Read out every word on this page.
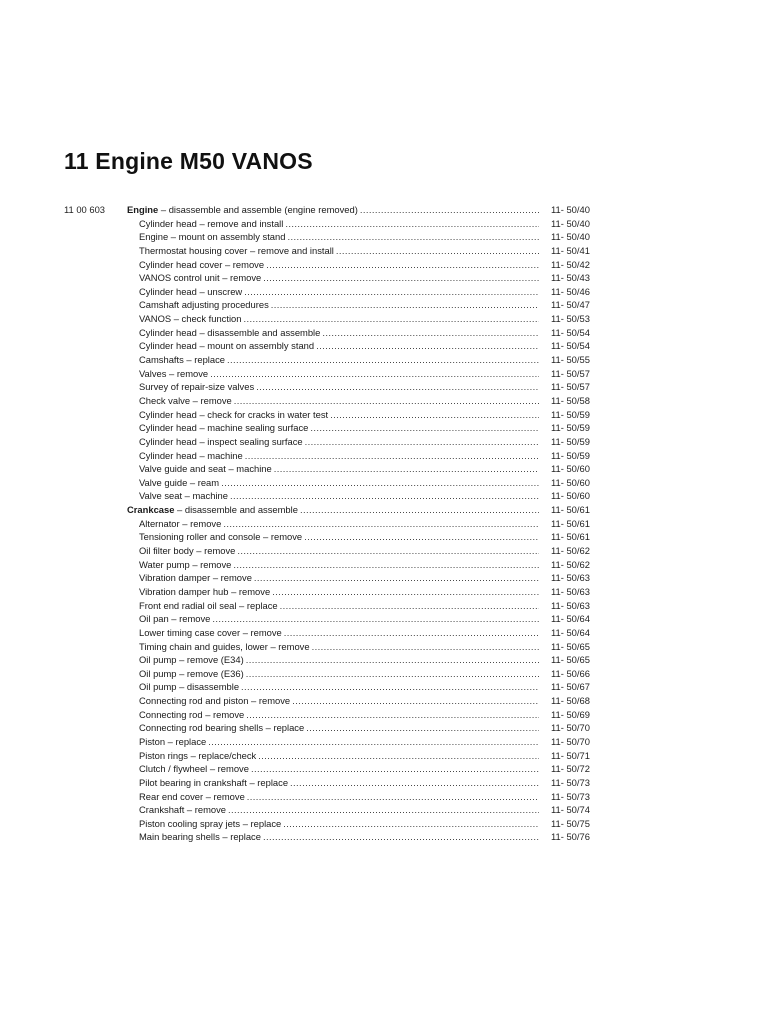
11 Engine M50 VANOS
11 00 603 Engine – disassemble and assemble (engine removed) .....	11- 50/40
Cylinder head – remove and install .....	11- 50/40
Engine – mount on assembly stand .....	11- 50/40
Thermostat housing cover – remove and install .....	11- 50/41
Cylinder head cover – remove .....	11- 50/42
VANOS control unit – remove .....	11- 50/43
Cylinder head – unscrew .....	11- 50/46
Camshaft adjusting procedures .....	11- 50/47
VANOS – check function .....	11- 50/53
Cylinder head – disassemble and assemble .....	11- 50/54
Cylinder head – mount on assembly stand .....	11- 50/54
Camshafts – replace .....	11- 50/55
Valves – remove .....	11- 50/57
Survey of repair-size valves .....	11- 50/57
Check valve – remove .....	11- 50/58
Cylinder head – check for cracks in water test .....	11- 50/59
Cylinder head – machine sealing surface .....	11- 50/59
Cylinder head – inspect sealing surface .....	11- 50/59
Cylinder head – machine .....	11- 50/59
Valve guide and seat – machine .....	11- 50/60
Valve guide – ream .....	11- 50/60
Valve seat – machine .....	11- 50/60
Crankcase – disassemble and assemble .....	11- 50/61
Alternator – remove .....	11- 50/61
Tensioning roller and console – remove .....	11- 50/61
Oil filter body – remove .....	11- 50/62
Water pump – remove .....	11- 50/62
Vibration damper – remove .....	11- 50/63
Vibration damper hub – remove .....	11- 50/63
Front end radial oil seal – replace .....	11- 50/63
Oil pan – remove .....	11- 50/64
Lower timing case cover – remove .....	11- 50/64
Timing chain and guides, lower – remove .....	11- 50/65
Oil pump – remove (E34) .....	11- 50/65
Oil pump – remove (E36) .....	11- 50/66
Oil pump – disassemble .....	11- 50/67
Connecting rod and piston – remove .....	11- 50/68
Connecting rod – remove .....	11- 50/69
Connecting rod bearing shells – replace .....	11- 50/70
Piston – replace .....	11- 50/70
Piston rings – replace/check .....	11- 50/71
Clutch / flywheel – remove .....	11- 50/72
Pilot bearing in crankshaft – replace .....	11- 50/73
Rear end cover – remove .....	11- 50/73
Crankshaft – remove .....	11- 50/74
Piston cooling spray jets – replace .....	11- 50/75
Main bearing shells – replace .....	11- 50/76
